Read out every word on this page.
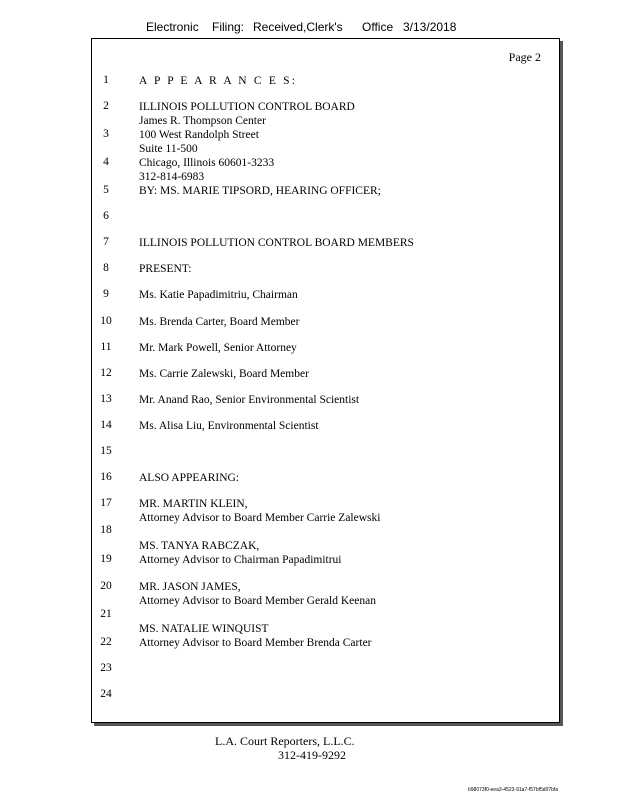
Electronic Filing: Received,Clerk's Office 3/13/2018
Page 2
1
2
3
4
5
6
7
8
9
10
11
12
13
14
15
16
17
18
19
20
21
22
23
24
A P P E A R A N C E S:
ILLINOIS POLLUTION CONTROL BOARD
James R. Thompson Center
100 West Randolph Street
Suite 11-500
Chicago, Illinois 60601-3233
312-814-6983
BY: MS. MARIE TIPSORD, HEARING OFFICER;
ILLINOIS POLLUTION CONTROL BOARD MEMBERS
PRESENT:
Ms. Katie Papadimitriu, Chairman
Ms. Brenda Carter, Board Member
Mr. Mark Powell, Senior Attorney
Ms. Carrie Zalewski, Board Member
Mr. Anand Rao, Senior Environmental Scientist
Ms. Alisa Liu, Environmental Scientist
ALSO APPEARING:
MR. MARTIN KLEIN,
Attorney Advisor to Board Member Carrie Zalewski
MS. TANYA RABCZAK,
Attorney Advisor to Chairman Papadimitrui
MR. JASON JAMES,
Attorney Advisor to Board Member Gerald Keenan
MS. NATALIE WINQUIST
Attorney Advisor to Board Member Brenda Carter
L.A. Court Reporters, L.L.C.
312-419-9292
b98073f0-eea3-4523-91a7-f57bf5d07bfa
